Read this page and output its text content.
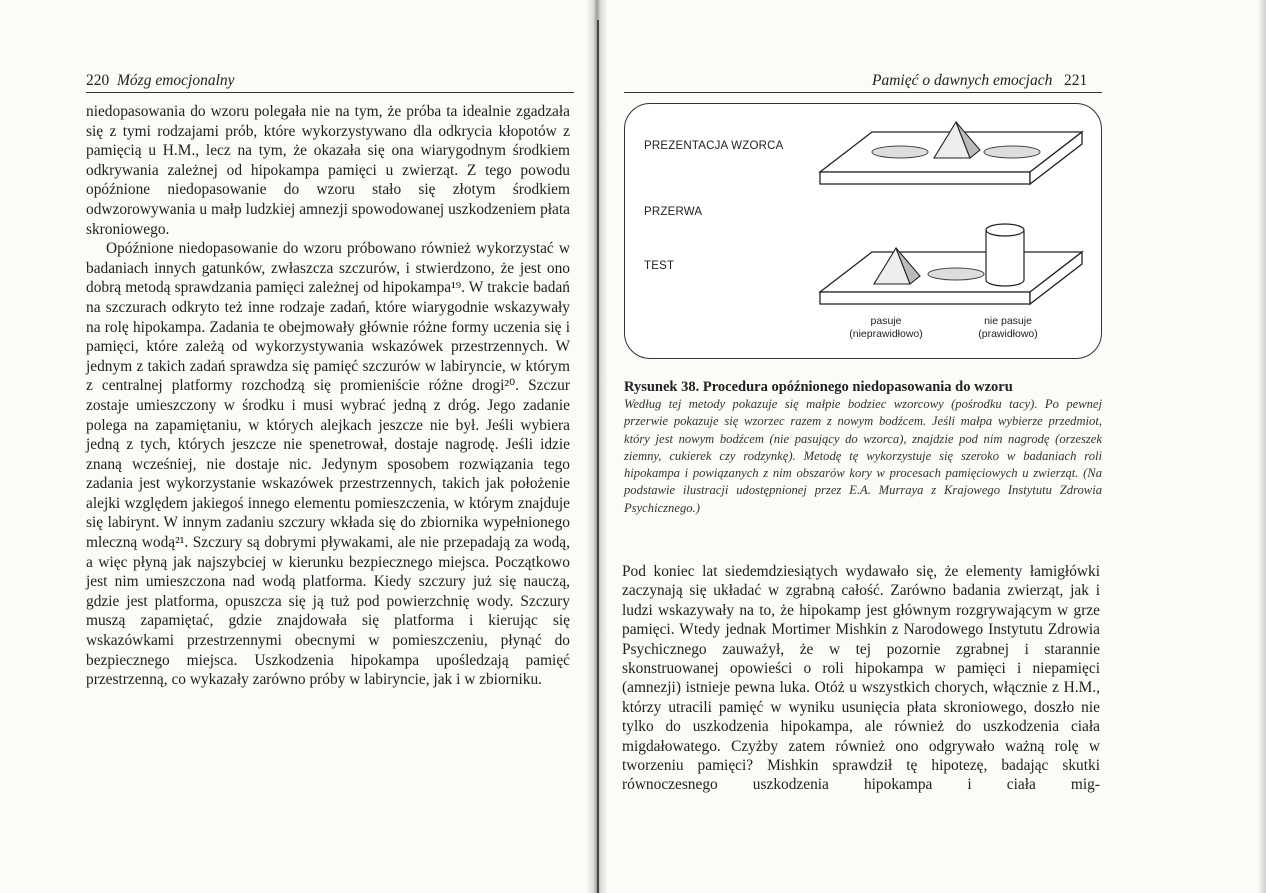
220 Mózg emocjonalny

niedopasowania do wzoru polegała nie na tym, że próba ta idealnie zgadzała się z tymi rodzajami prób, które wykorzystywano dla odkrycia kłopotów z pamięcią u H.M., lecz na tym, że okazała się ona wiarygodnym środkiem odkrywania zależnej od hipokampa pamięci u zwierząt. Z tego powodu opóźnione niedopasowanie do wzoru stało się złotym środkiem odwzorowywania u małp ludzkiej amnezji spowodowanej uszkodzeniem płata skroniowego.

Opóźnione niedopasowanie do wzoru próbowano również wykorzystać w badaniach innych gatunków, zwłaszcza szczurów, i stwierdzono, że jest ono dobrą metodą sprawdzania pamięci zależnej od hipokampa¹⁹. W trakcie badań na szczurach odkryto też inne rodzaje zadań, które wiarygodnie wskazywały na rolę hipokampa. Zadania te obejmowały głównie różne formy uczenia się i pamięci, które zależą od wykorzystywania wskazówek przestrzennych. W jednym z takich zadań sprawdza się pamięć szczurów w labiryncie, w którym z centralnej platformy rozchodzą się promieniście różne drogi²⁰. Szczur zostaje umieszczony w środku i musi wybrać jedną z dróg. Jego zadanie polega na zapamiętaniu, w których alejkach jeszcze nie był. Jeśli wybiera jedną z tych, których jeszcze nie spenetrował, dostaje nagrodę. Jeśli idzie znaną wcześniej, nie dostaje nic. Jedynym sposobem rozwiązania tego zadania jest wykorzystanie wskazówek przestrzennych, takich jak położenie alejki względem jakiegoś innego elementu pomieszczenia, w którym znajduje się labirynt. W innym zadaniu szczury wkłada się do zbiornika wypełnionego mleczną wodą²¹. Szczury są dobrymi pływakami, ale nie przepadają za wodą, a więc płyną jak najszybciej w kierunku bezpiecznego miejsca. Początkowo jest nim umieszczona nad wodą platforma. Kiedy szczury już się nauczą, gdzie jest platforma, opuszcza się ją tuż pod powierzchnię wody. Szczury muszą zapamiętać, gdzie znajdowała się platforma i kierując się wskazówkami przestrzennymi obecnymi w pomieszczeniu, płynąć do bezpiecznego miejsca. Uszkodzenia hipokampa upośledzają pamięć przestrzenną, co wykazały zarówno próby w labiryncie, jak i w zbiorniku.

Pamięć o dawnych emocjach 221
PREZENTACJA WZORCA
PRZERWA
TEST
pasuje
(nieprawidłowo)
nie pasuje
(prawidłowo)
Rysunek 38. Procedura opóźnionego niedopasowania do wzoru
Według tej metody pokazuje się małpie bodziec wzorcowy (pośrodku tacy). Po pewnej przerwie pokazuje się wzorzec razem z nowym bodźcem. Jeśli małpa wybierze przedmiot, który jest nowym bodźcem (nie pasujący do wzorca), znajdzie pod nim nagrodę (orzeszek ziemny, cukierek czy rodzynkę). Metodę tę wykorzystuje się szeroko w badaniach roli hipokampa i powiązanych z nim obszarów kory w procesach pamięciowych u zwierząt. (Na podstawie ilustracji udostępnionej przez E.A. Murraya z Krajowego Instytutu Zdrowia Psychicznego.)

Pod koniec lat siedemdziesiątych wydawało się, że elementy łamigłówki zaczynają się układać w zgrabną całość. Zarówno badania zwierząt, jak i ludzi wskazywały na to, że hipokamp jest głównym rozgrywającym w grze pamięci. Wtedy jednak Mortimer Mishkin z Narodowego Instytutu Zdrowia Psychicznego zauważył, że w tej pozornie zgrabnej i starannie skonstruowanej opowieści o roli hipokampa w pamięci i niepamięci (amnezji) istnieje pewna luka. Otóż u wszystkich chorych, włącznie z H.M., którzy utracili pamięć w wyniku usunięcia płata skroniowego, doszło nie tylko do uszkodzenia hipokampa, ale również do uszkodzenia ciała migdałowatego. Czyżby zatem również ono odgrywało ważną rolę w tworzeniu pamięci? Mishkin sprawdził tę hipotezę, badając skutki równoczesnego uszkodzenia hipokampa i ciała mig-
